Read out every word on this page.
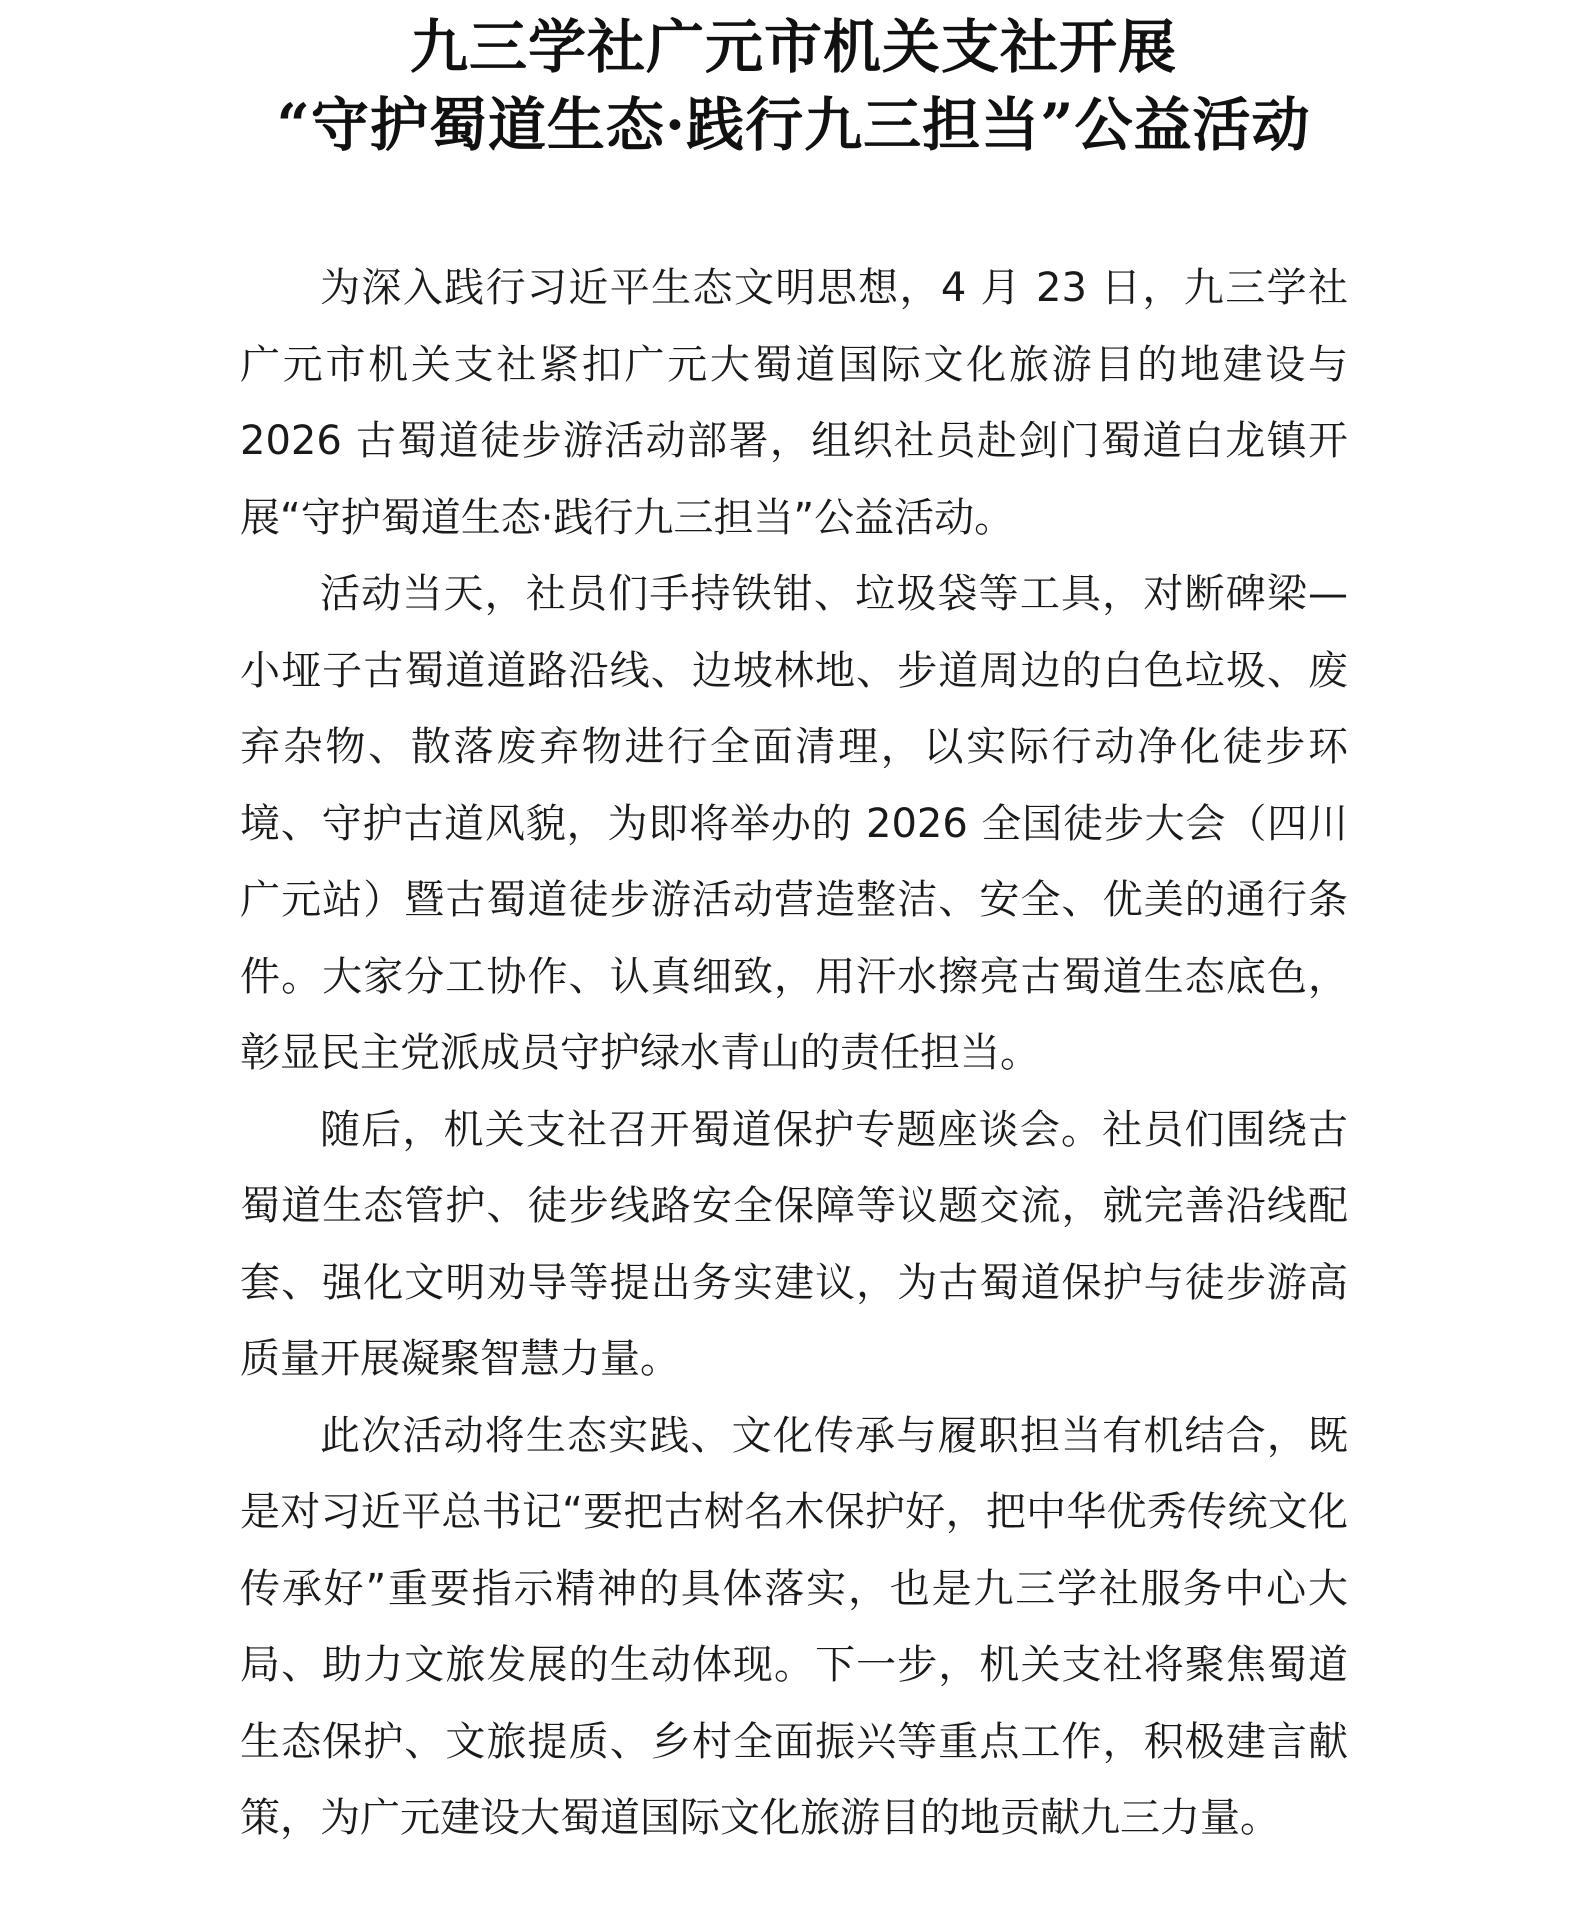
九三学社广元市机关支社开展
“守护蜀道生态·践行九三担当”公益活动

为深入践行习近平生态文明思想，4 月 23 日，九三学社广元市机关支社紧扣广元大蜀道国际文化旅游目的地建设与 2026 古蜀道徒步游活动部署，组织社员赴剑门蜀道白龙镇开展“守护蜀道生态·践行九三担当”公益活动。

活动当天，社员们手持铁钳、垃圾袋等工具，对断碑梁—小垭子古蜀道道路沿线、边坡林地、步道周边的白色垃圾、废弃杂物、散落废弃物进行全面清理，以实际行动净化徒步环境、守护古道风貌，为即将举办的 2026 全国徒步大会（四川广元站）暨古蜀道徒步游活动营造整洁、安全、优美的通行条件。大家分工协作、认真细致，用汗水擦亮古蜀道生态底色，彰显民主党派成员守护绿水青山的责任担当。

随后，机关支社召开蜀道保护专题座谈会。社员们围绕古蜀道生态管护、徒步线路安全保障等议题交流，就完善沿线配套、强化文明劝导等提出务实建议，为古蜀道保护与徒步游高质量开展凝聚智慧力量。

此次活动将生态实践、文化传承与履职担当有机结合，既是对习近平总书记“要把古树名木保护好，把中华优秀传统文化传承好”重要指示精神的具体落实，也是九三学社服务中心大局、助力文旅发展的生动体现。下一步，机关支社将聚焦蜀道生态保护、文旅提质、乡村全面振兴等重点工作，积极建言献策，为广元建设大蜀道国际文化旅游目的地贡献九三力量。
